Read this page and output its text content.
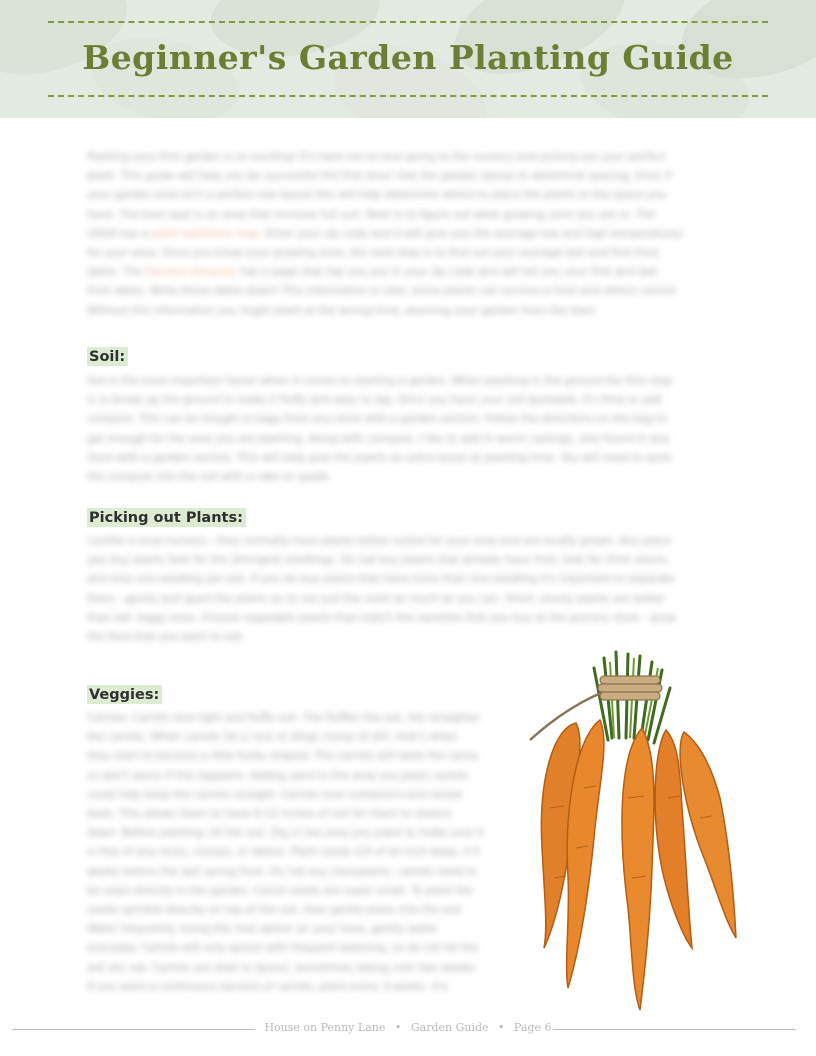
Beginner's Garden Planting Guide
Planting your first garden is so exciting! It's hard not to love going to the nursery and picking out your perfect
plant. This guide will help you be successful the first time! Use the garden layout to determine spacing. Even if
your garden area isn't a perfect row layout this will help determine where to place the plants in the space you
have. The best spot is an area that receives full sun. Next is to figure out what growing zone you are in. The
USDA has a plant hardiness map. Enter your zip code and it will give you the average low and high temperatures
for your area. Once you know your growing zone, the next step is to find out your average last and first frost
dates. The Farmers Almanac has a page that has you put in your zip code and will tell you your first and last
frost dates. Write those dates down! This information is vital, some plants can survive a frost and others cannot.
Without this information you might plant at the wrong time, dooming your garden from the start.
Soil:
Soil is the most important factor when it comes to starting a garden. When planting in the ground the first step
is to break up the ground to make it fluffy and easy to dig. Once you have your soil workable, it's time to add
compost. This can be bought in bags from any store with a garden section. Follow the directions on the bag to
get enough for the area you are planting. Along with compost, I like to add in worm castings, also found in any
store with a garden section. This will help give the plants an extra boost at planting time. You will need to work
the compost into the soil with a rake or spade.
Picking out Plants:
I prefer a local nursery - they normally have plants better suited for your area and are locally grown. Any place
you buy plants look for the strongest seedlings. Do not buy plants that already have fruit, look for thick stems,
and only one seedling per pot. If you do buy plants that have more than one seedling it's important to separate
them - gently pull apart the plants as to not pull the roots as much as you can. Short, stocky plants are better
than tall, leggy ones. Choose vegetable plants that match the varieties that you buy at the grocery store - grow
the food that you want to eat.
Veggies:
Carrots: Carrots love light and fluffy soil. The fluffier the soil, the straighter
the carrots. When carrots hit a rock or dings clump of dirt, that's when
they start to become a little funky shaped. The carrots will taste the same,
so don't worry if this happens. Adding sand to the area you plant carrots
could help keep the carrots straight. Carrots love containers and raised
beds. This allows them to have 8-12 inches of soil for them to stretch
down. Before planting, till the soil. Dig in the area you plant to make sure it
is free of any rocks, clumps, or debris. Plant seeds 1/4 of an inch deep, 3-5
weeks before the last spring frost. Do not buy transplants, carrots need to
be sown directly in the garden. Carrot seeds are super small. To plant the
seeds sprinkle directly on top of the soil, then gently press into the soil.
Water frequently. Using the mist option on your hose, gently water
everyday. Carrots will only sprout with frequent watering, so do not let the
soil dry out. Carrots are slow to sprout, sometimes taking over two weeks.
If you want a continuous harvest of carrots, plant every 3 weeks. It's
House on Penny Lane • Garden Guide • Page 6
